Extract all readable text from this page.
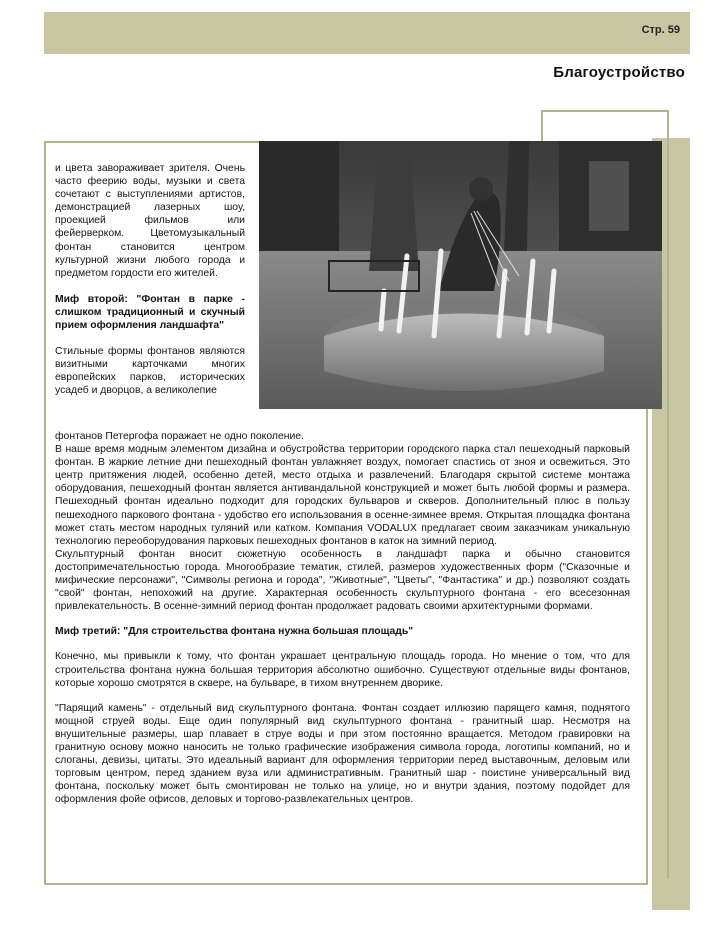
Стр. 59
Благоустройство

и цвета завораживает зрителя. Очень часто феерию воды, музыки и света сочетают с выступлениями артистов, демонстрацией лазерных шоу, проекцией фильмов или фейерверком. Цветомузыкальный фонтан становится центром культурной жизни любого города и предметом гордости его жителей.

Миф второй: "Фонтан в парке - слишком традиционный и скучный прием оформления ландшафта"

Стильные формы фонтанов являются визитными карточками многих европейских парков, исторических усадеб и дворцов, а великолепие

фонтанов Петергофа поражает не одно поколение.

В наше время модным элементом дизайна и обустройства территории городского парка стал пешеходный парковый фонтан. В жаркие летние дни пешеходный фонтан увлажняет воздух, помогает спастись от зноя и освежиться. Это центр притяжения людей, особенно детей, место отдыха и развлечений. Благодаря скрытой системе монтажа оборудования, пешеходный фонтан является антивандальной конструкцией и может быть любой формы и размера. Пешеходный фонтан идеально подходит для городских бульваров и скверов. Дополнительный плюс в пользу пешеходного паркового фонтана - удобство его использования в осенне-зимнее время. Открытая площадка фонтана может стать местом народных гуляний или катком. Компания VODALUX предлагает своим заказчикам уникальную технологию переоборудования парковых пешеходных фонтанов в каток на зимний период.

Скульптурный фонтан вносит сюжетную особенность в ландшафт парка и обычно становится достопримечательностью города. Многообразие тематик, стилей, размеров художественных форм ("Сказочные и мифические персонажи", "Символы региона и города", "Животные", "Цветы", "Фантастика" и др.) позволяют создать "свой" фонтан, непохожий на другие. Характерная особенность скульптурного фонтана - его всесезонная привлекательность. В осенне-зимний период фонтан продолжает радовать своими архитектурными формами.

Миф третий: "Для строительства фонтана нужна большая площадь"

Конечно, мы привыкли к тому, что фонтан украшает центральную площадь города. Но мнение о том, что для строительства фонтана нужна большая территория абсолютно ошибочно. Существуют отдельные виды фонтанов, которые хорошо смотрятся в сквере, на бульваре, в тихом внутреннем дворике.

"Парящий камень" - отдельный вид скульптурного фонтана. Фонтан создает иллюзию парящего камня, поднятого мощной струей воды. Еще один популярный вид скульптурного фонтана - гранитный шар. Несмотря на внушительные размеры, шар плавает в струе воды и при этом постоянно вращается. Методом гравировки на гранитную основу можно наносить не только графические изображения символа города, логотипы компаний, но и слоганы, девизы, цитаты. Это идеальный вариант для оформления территории перед выставочным, деловым или торговым центром, перед зданием вуза или административным. Гранитный шар - поистине универсальный вид фонтана, поскольку может быть смонтирован не только на улице, но и внутри здания, поэтому подойдет для оформления фойе офисов, деловых и торгово-развлекательных центров.
